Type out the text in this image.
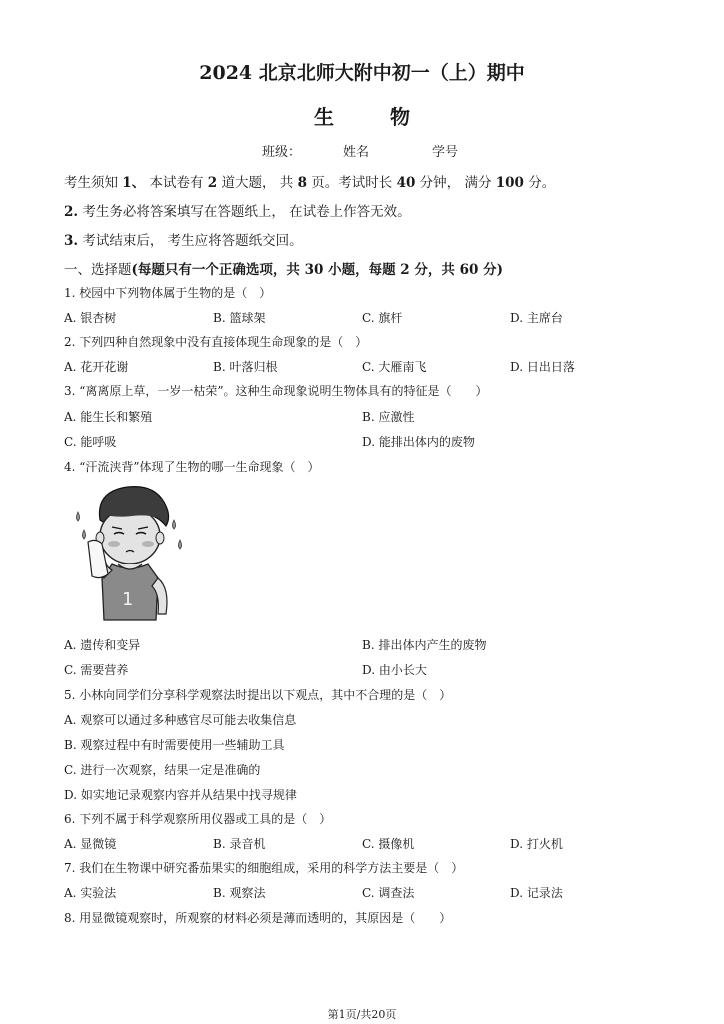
2024 北京北师大附中初一（上）期中
生	物
班级：	姓名	学号
考生须知 1、 本试卷有 2 道大题， 共 8 页。考试时长 40 分钟， 满分 100 分。
2. 考生务必将答案填写在答题纸上， 在试卷上作答无效。
3. 考试结束后， 考生应将答题纸交回。
一、选择题(每题只有一个正确选项，共 30 小题，每题 2 分，共 60 分)
1. 校园中下列物体属于生物的是（　）
A. 银杏树	B. 篮球架	C. 旗杆	D. 主席台
2. 下列四种自然现象中没有直接体现生命现象的是（　）
A. 花开花谢	B. 叶落归根	C. 大雁南飞	D. 日出日落
3. “离离原上草，一岁一枯荣”。这种生命现象说明生物体具有的特征是（　　）
A. 能生长和繁殖	B. 应激性
C. 能呼吸	D. 能排出体内的废物
4. “汗流浃背”体现了生物的哪一生命现象（　）
1
A. 遗传和变异	B. 排出体内产生的废物
C. 需要营养	D. 由小长大
5. 小林向同学们分享科学观察法时提出以下观点，其中不合理的是（　）
A. 观察可以通过多种感官尽可能去收集信息
B. 观察过程中有时需要使用一些辅助工具
C. 进行一次观察，结果一定是准确的
D. 如实地记录观察内容并从结果中找寻规律
6. 下列不属于科学观察所用仪器或工具的是（　）
A. 显微镜	B. 录音机	C. 摄像机	D. 打火机
7. 我们在生物课中研究番茄果实的细胞组成，采用的科学方法主要是（　）
A. 实验法	B. 观察法	C. 调查法	D. 记录法
8. 用显微镜观察时，所观察的材料必须是薄而透明的，其原因是（　　）
第1页/共20页
